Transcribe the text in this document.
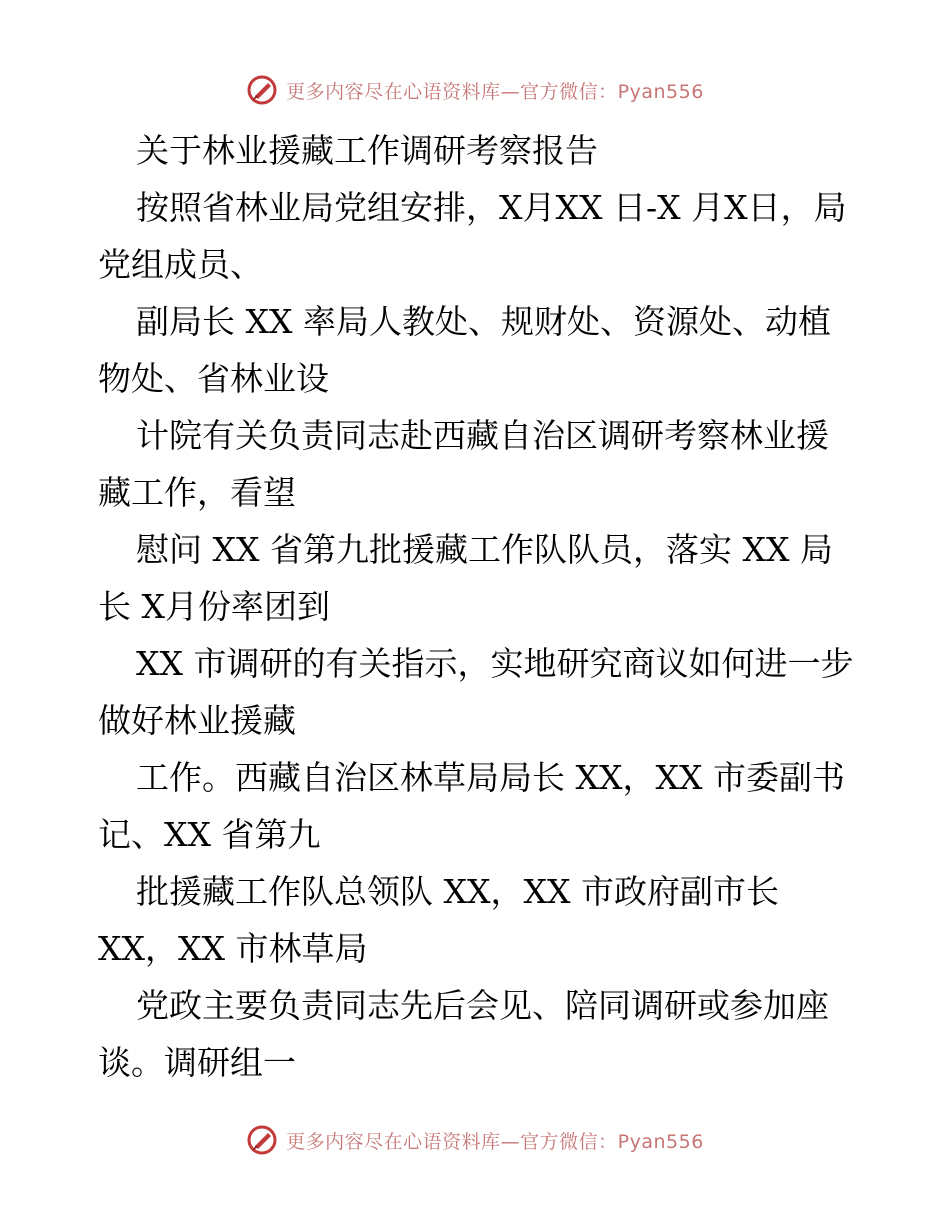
更多内容尽在心语资料库—官方微信：Pyan556

关于林业援藏工作调研考察报告

按照省林业局党组安排，X月XX 日-X 月X日，局党组成员、

副局长 XX 率局人教处、规财处、资源处、动植物处、省林业设

计院有关负责同志赴西藏自治区调研考察林业援藏工作，看望

慰问 XX 省第九批援藏工作队队员，落实 XX 局长 X月份率团到

XX 市调研的有关指示，实地研究商议如何进一步做好林业援藏

工作。西藏自治区林草局局长 XX，XX 市委副书记、XX 省第九

批援藏工作队总领队 XX，XX 市政府副市长 XX，XX 市林草局

党政主要负责同志先后会见、陪同调研或参加座谈。调研组一

更多内容尽在心语资料库—官方微信：Pyan556
